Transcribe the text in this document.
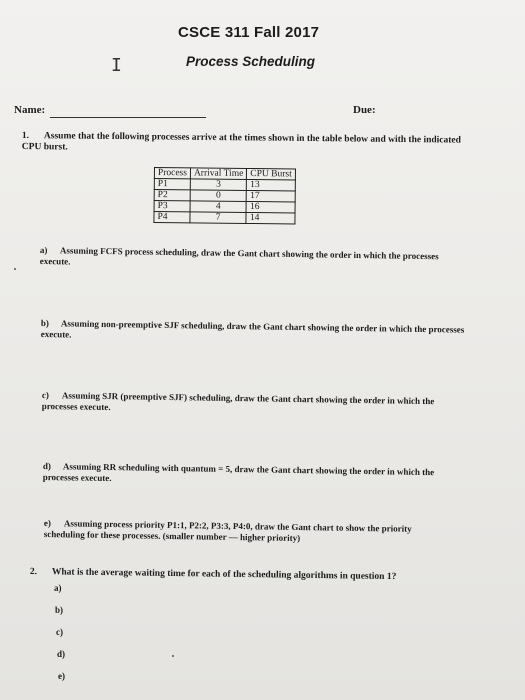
CSCE 311 Fall 2017
Process Scheduling
I
Name:	Due:
1. Assume that the following processes arrive at the times shown in the table below and with the indicated CPU burst.
Process	Arrival Time	CPU Burst
P1	3	13
P2	0	17
P3	4	16
P4	7	14
a) Assuming FCFS process scheduling, draw the Gant chart showing the order in which the processes execute.
b) Assuming non-preemptive SJF scheduling, draw the Gant chart showing the order in which the processes execute.
c) Assuming SJR (preemptive SJF) scheduling, draw the Gant chart showing the order in which the processes execute.
d) Assuming RR scheduling with quantum = 5, draw the Gant chart showing the order in which the processes execute.
e) Assuming process priority P1:1, P2:2, P3:3, P4:0, draw the Gant chart to show the priority scheduling for these processes. (smaller number — higher priority)
2. What is the average waiting time for each of the scheduling algorithms in question 1?
a)
b)
c)
d)
e)
